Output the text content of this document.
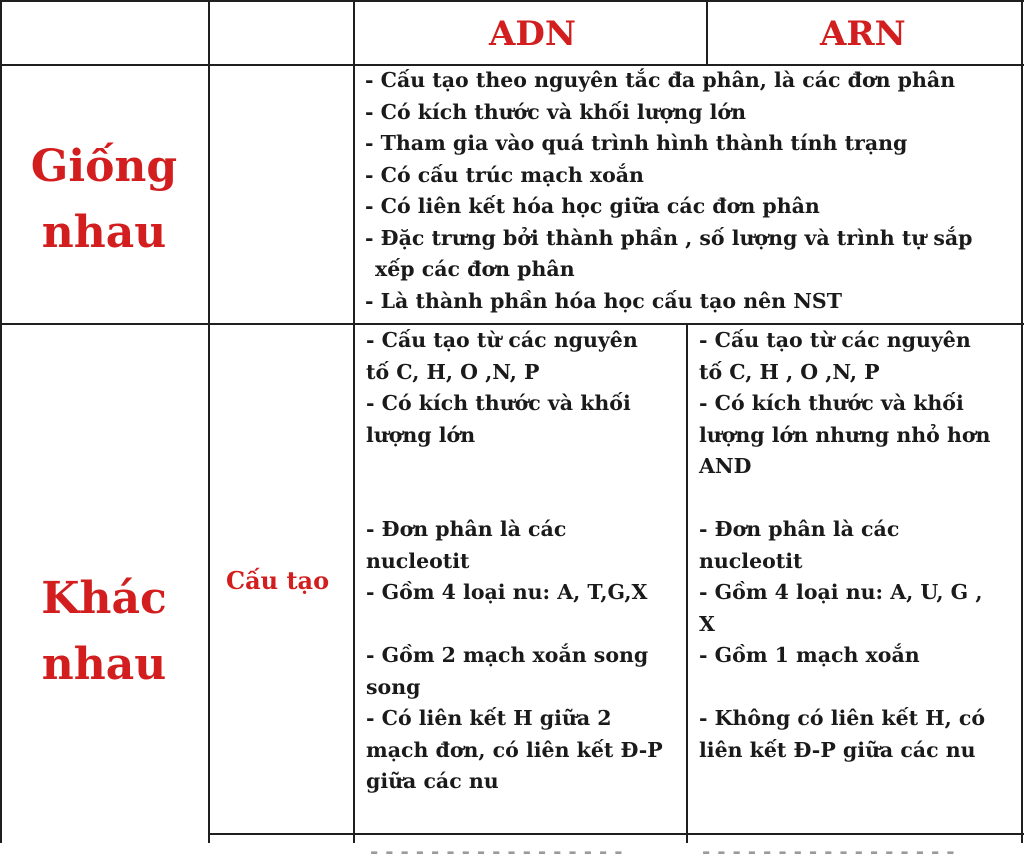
ADN	ARN
Giống
nhau
- Cấu tạo theo nguyên tắc đa phân, là các đơn phân
- Có kích thước và khối lượng lớn
- Tham gia vào quá trình hình thành tính trạng
- Có cấu trúc mạch xoắn
- Có liên kết hóa học giữa các đơn phân
- Đặc trưng bởi thành phần , số lượng và trình tự sắp
xếp các đơn phân
- Là thành phần hóa học cấu tạo nên NST
Khác
nhau
Cấu tạo
- Cấu tạo từ các nguyên
tố C, H, O ,N, P
- Có kích thước và khối
lượng lớn
- Đơn phân là các
nucleotit
- Gồm 4 loại nu: A, T,G,X
- Gồm 2 mạch xoắn song
song
- Có liên kết H giữa 2
mạch đơn, có liên kết Đ-P
giữa các nu
- Cấu tạo từ các nguyên
tố C, H , O ,N, P
- Có kích thước và khối
lượng lớn nhưng nhỏ hơn
AND
- Đơn phân là các
nucleotit
- Gồm 4 loại nu: A, U, G ,
X
- Gồm 1 mạch xoắn
- Không có liên kết H, có
liên kết Đ-P giữa các nu
- - - - - - - - - - - - - - - - -	- - - - - - - - - - - - - - - - -
